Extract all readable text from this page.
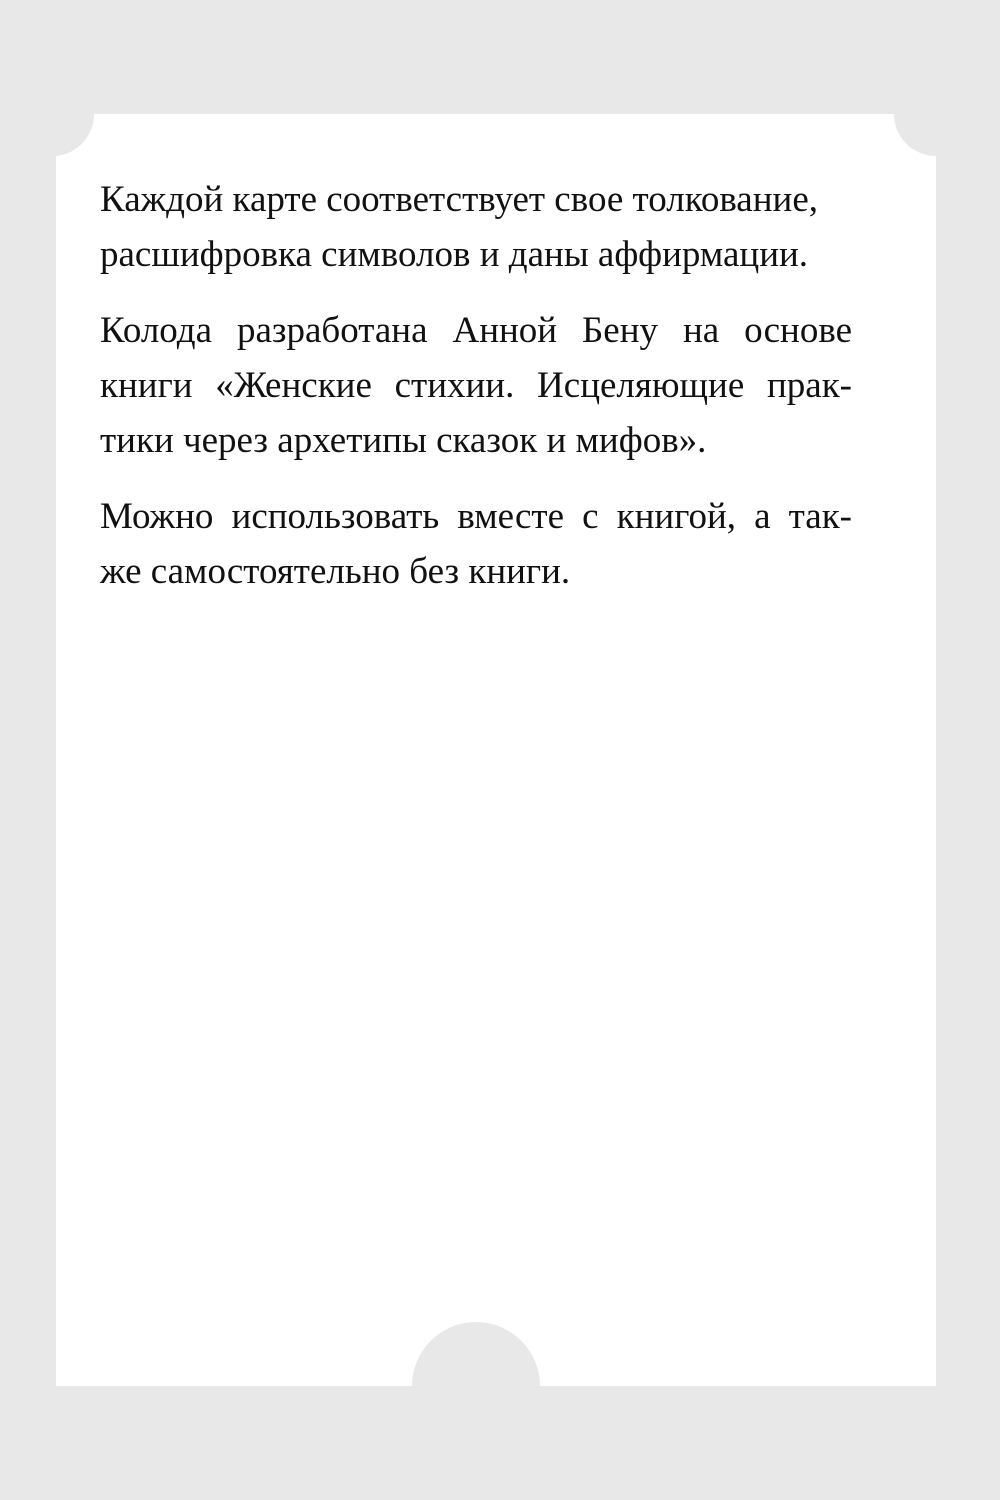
Каждой карте соответствует свое толкование,
расшифровка символов и даны аффирмации.

Колода разработана Анной Бену на основе
книги «Женские стихии. Исцеляющие прак-
тики через архетипы сказок и мифов».

Можно использовать вместе с книгой, а так-
же самостоятельно без книги.
